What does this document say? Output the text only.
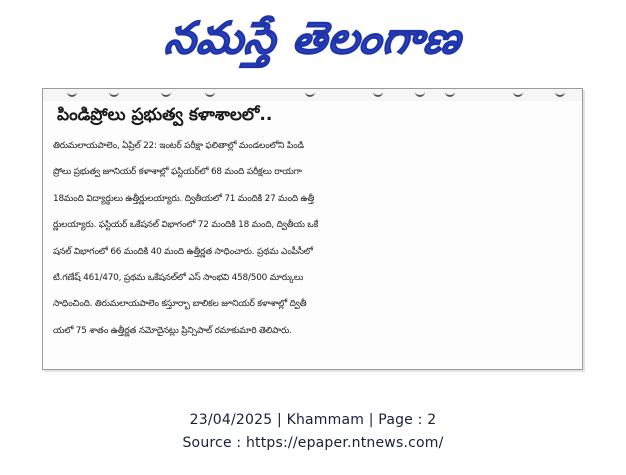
నమస్తే తెలంగాణ
పిండిప్రోలు ప్రభుత్వ కళాశాలలో..
తిరుమలాయపాలెం, ఏప్రిల్ 22: ఇంటర్ పరీక్షా ఫలితాల్లో మండలంలోని పిండి
ప్రోలు ప్రభుత్వ జూనియర్ కళాశాల్లో ఫస్టియర్‌లో 68 మంది పరీక్షలు రాయగా
18మంది విద్యార్థులు ఉత్తీర్ణులయ్యారు. ద్వితీయలో 71 మందికి 27 మంది ఉత్తీ
ర్ణులయ్యారు. ఫస్టియర్ ఒకేషనల్ విభాగంలో 72 మందికి 18 మంది, ద్వితీయ ఒకే
షనల్ విభాగంలో 66 మందికి 40 మంది ఉత్తీర్ణత సాధించారు. ప్రథమ ఎంపీసీలో
టి.గణేష్ 461/470, ప్రథమ ఒకేషనల్‌లో ఎస్ సాంభవి 458/500 మార్కులు
సాధించింది. తిరుమలాయపాలెం కస్తూర్బా బాలికల జూనియర్ కళాశాల్లో ద్వితీ
యలో 75 శాతం ఉత్తీర్ణత నమోదైనట్లు ప్రిన్సిపాల్ రమాకుమారి తెలిపారు.
23/04/2025 | Khammam | Page : 2
Source : https://epaper.ntnews.com/
